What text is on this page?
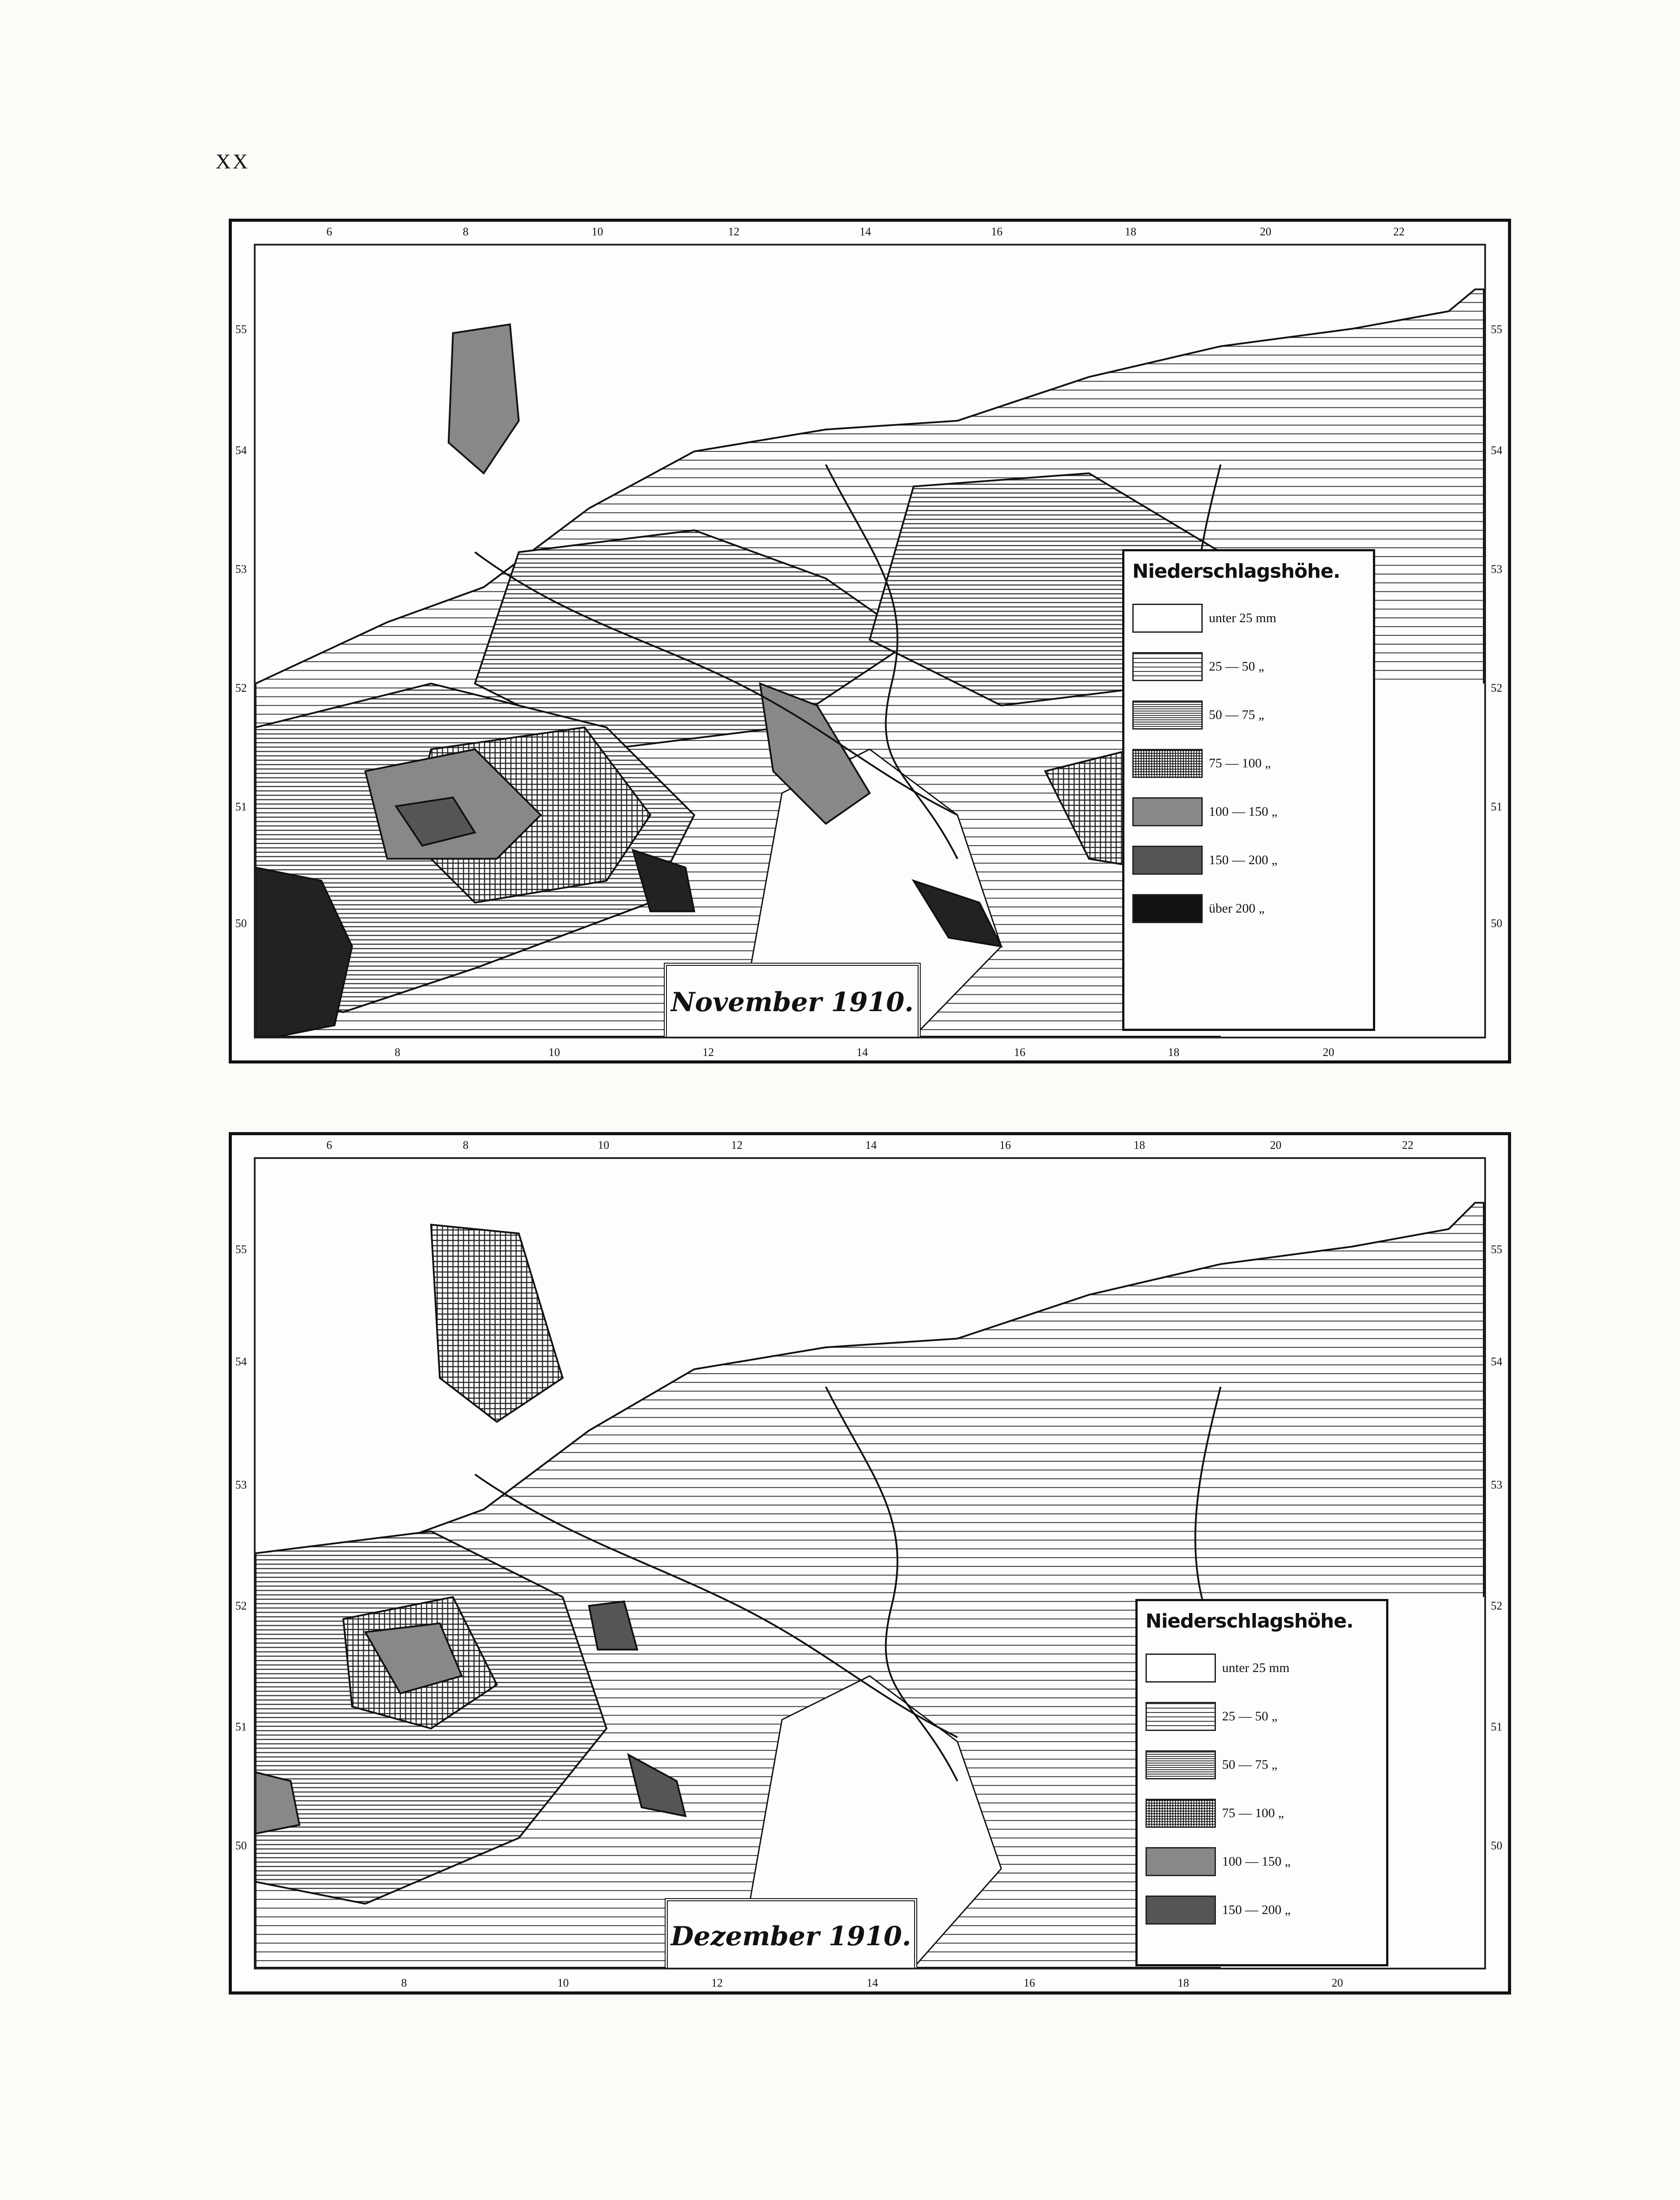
XX
6	8	10	12	14	16	18	20	22
55
54
53
52
51
50
55
54
53
52
51
50
8	10	12	14	16	18	20
Niederschlagshöhe.
unter 25 mm
25 — 50 „
50 — 75 „
75 — 100 „
100 — 150 „
150 — 200 „
über 200 „
November 1910.
6	8	10	12	14	16	18	20	22
55
54
53
52
51
50
55
54
53
52
51
50
8	10	12	14	16	18	20
Niederschlagshöhe.
unter 25 mm
25 — 50 „
50 — 75 „
75 — 100 „
100 — 150 „
150 — 200 „
Dezember 1910.
